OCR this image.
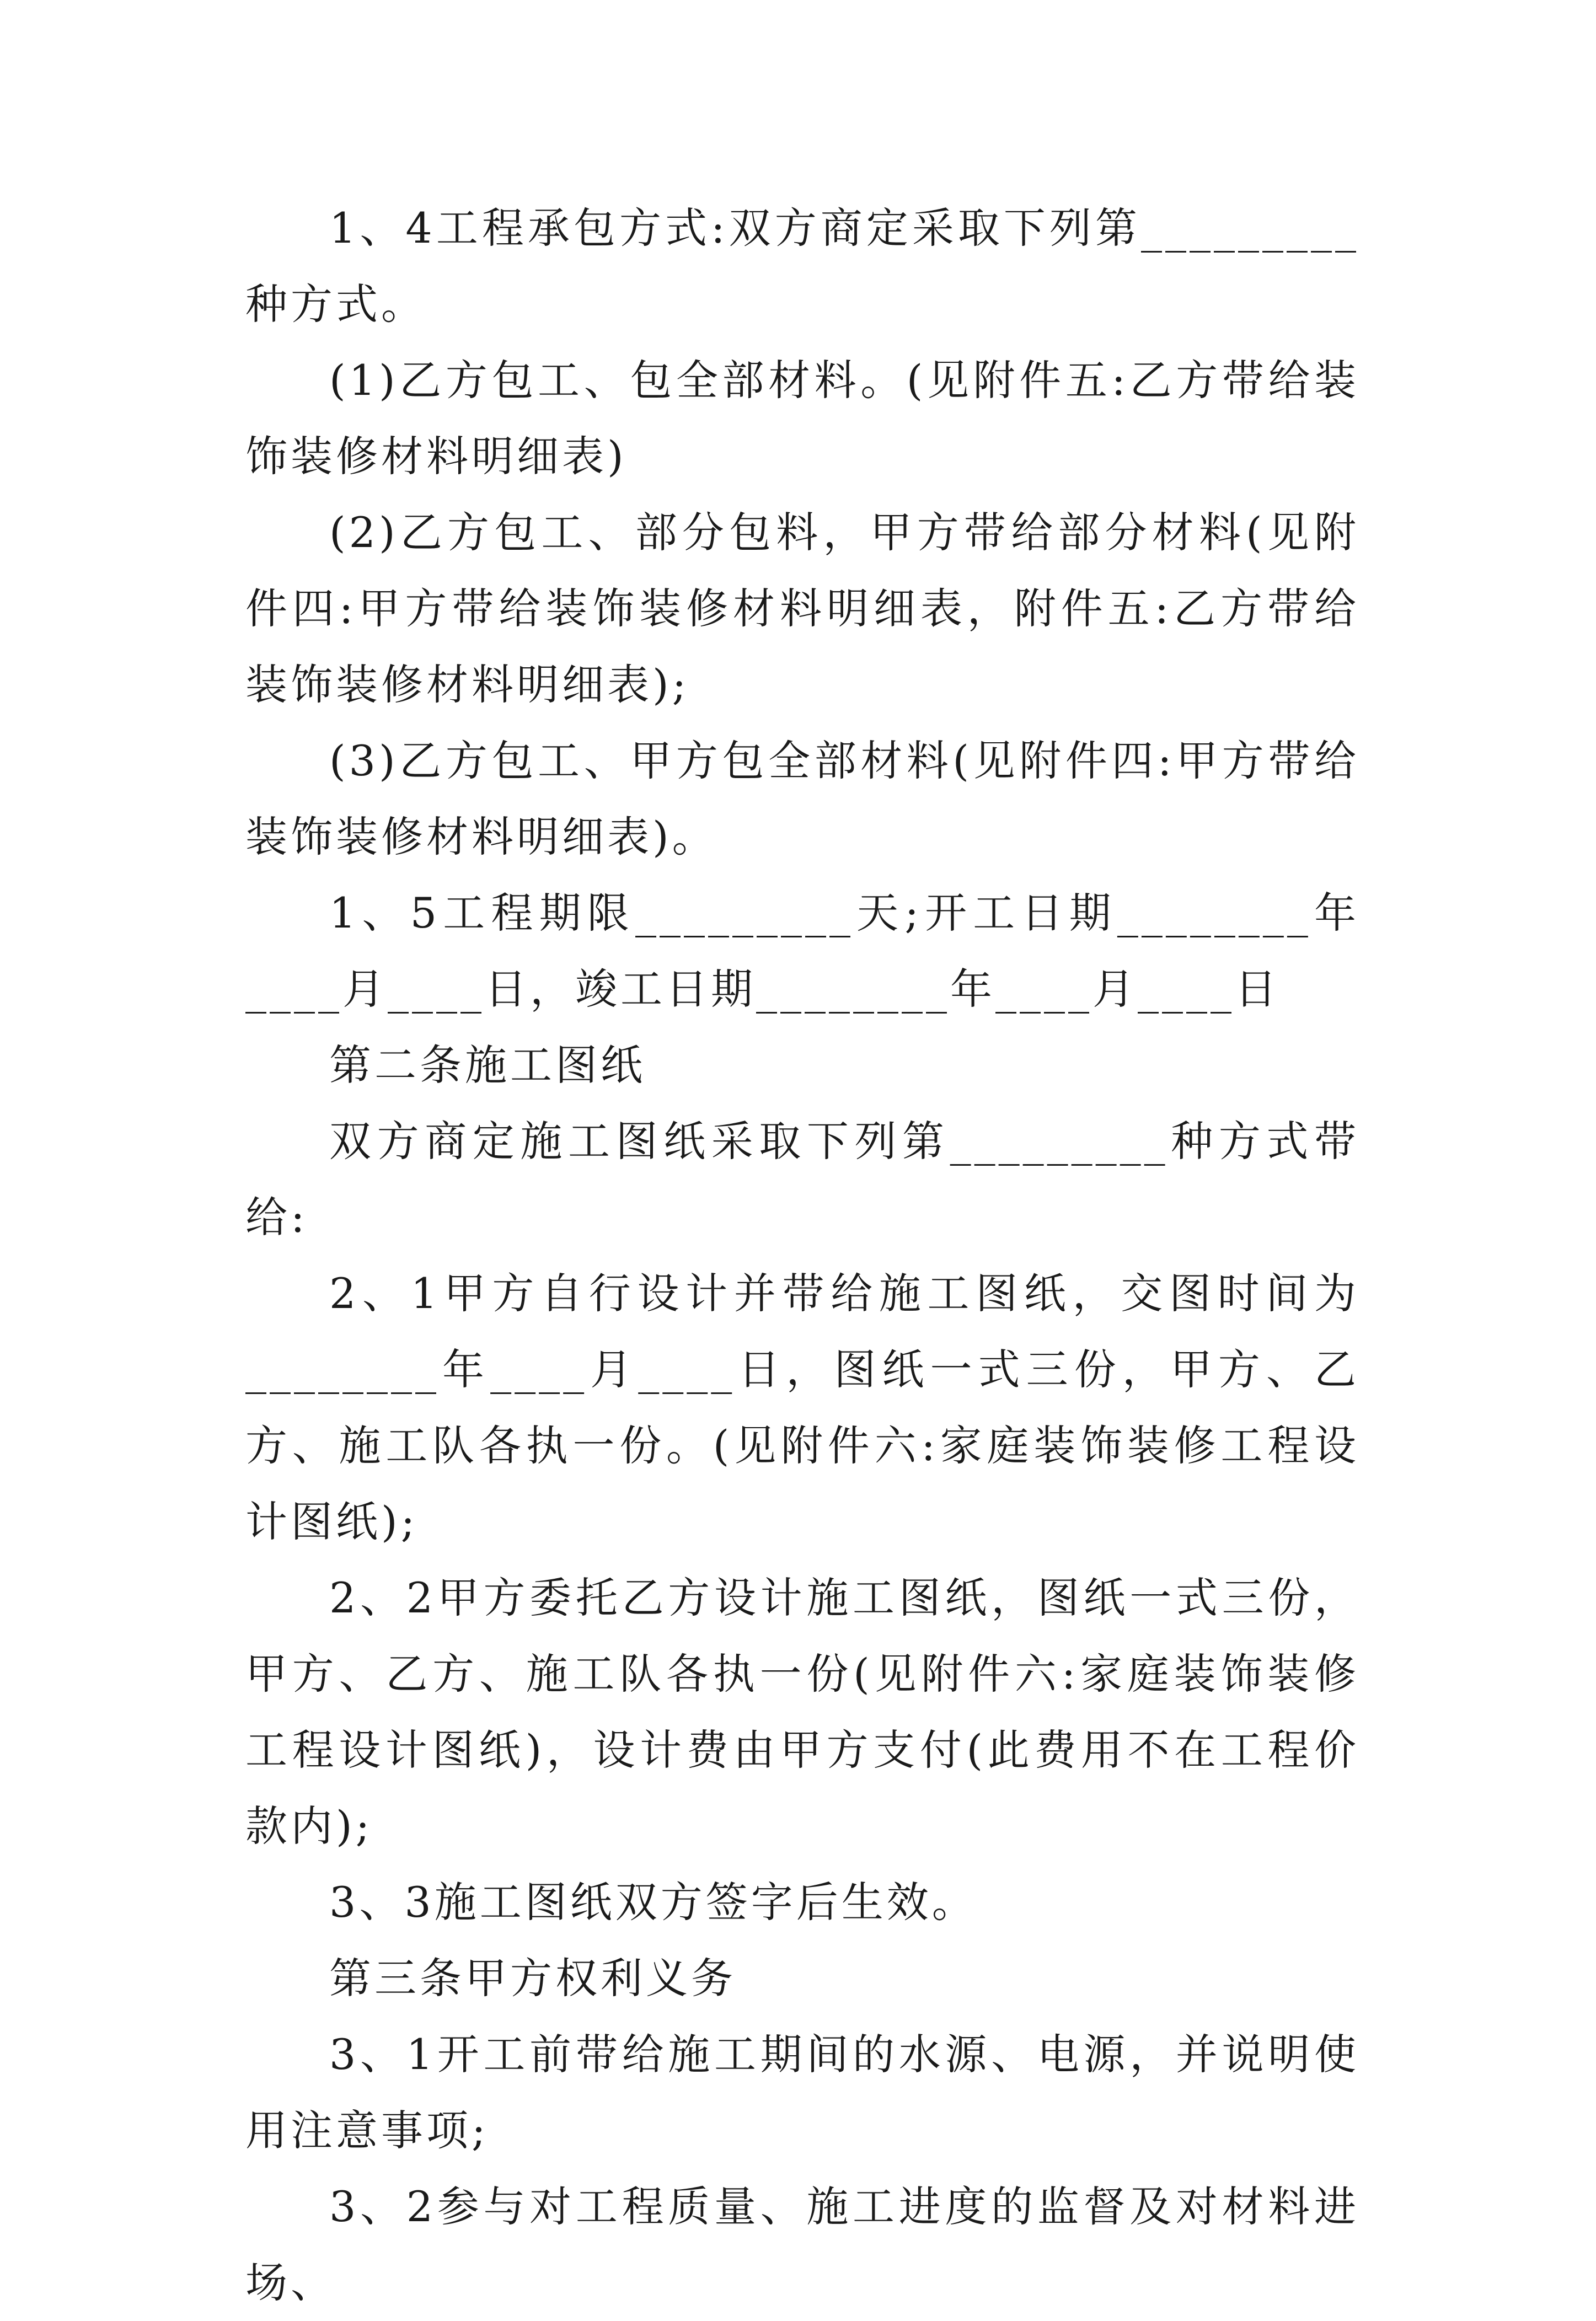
1、4工程承包方式:双方商定采取下列第_________种方式。

(1)乙方包工、包全部材料。(见附件五:乙方带给装饰装修材料明细表)

(2)乙方包工、部分包料，甲方带给部分材料(见附件四:甲方带给装饰装修材料明细表，附件五:乙方带给装饰装修材料明细表);

(3)乙方包工、甲方包全部材料(见附件四:甲方带给装饰装修材料明细表)。

1、5工程期限_________天;开工日期________年____月____日，竣工日期________年____月____日

第二条施工图纸

双方商定施工图纸采取下列第_________种方式带给:

2、1甲方自行设计并带给施工图纸，交图时间为________年____月____日，图纸一式三份，甲方、乙方、施工队各执一份。(见附件六:家庭装饰装修工程设计图纸);

2、2甲方委托乙方设计施工图纸，图纸一式三份，甲方、乙方、施工队各执一份(见附件六:家庭装饰装修工程设计图纸)，设计费由甲方支付(此费用不在工程价款内);

3、3施工图纸双方签字后生效。

第三条甲方权利义务

3、1开工前带给施工期间的水源、电源，并说明使用注意事项;

3、2参与对工程质量、施工进度的监督及对材料进场、
